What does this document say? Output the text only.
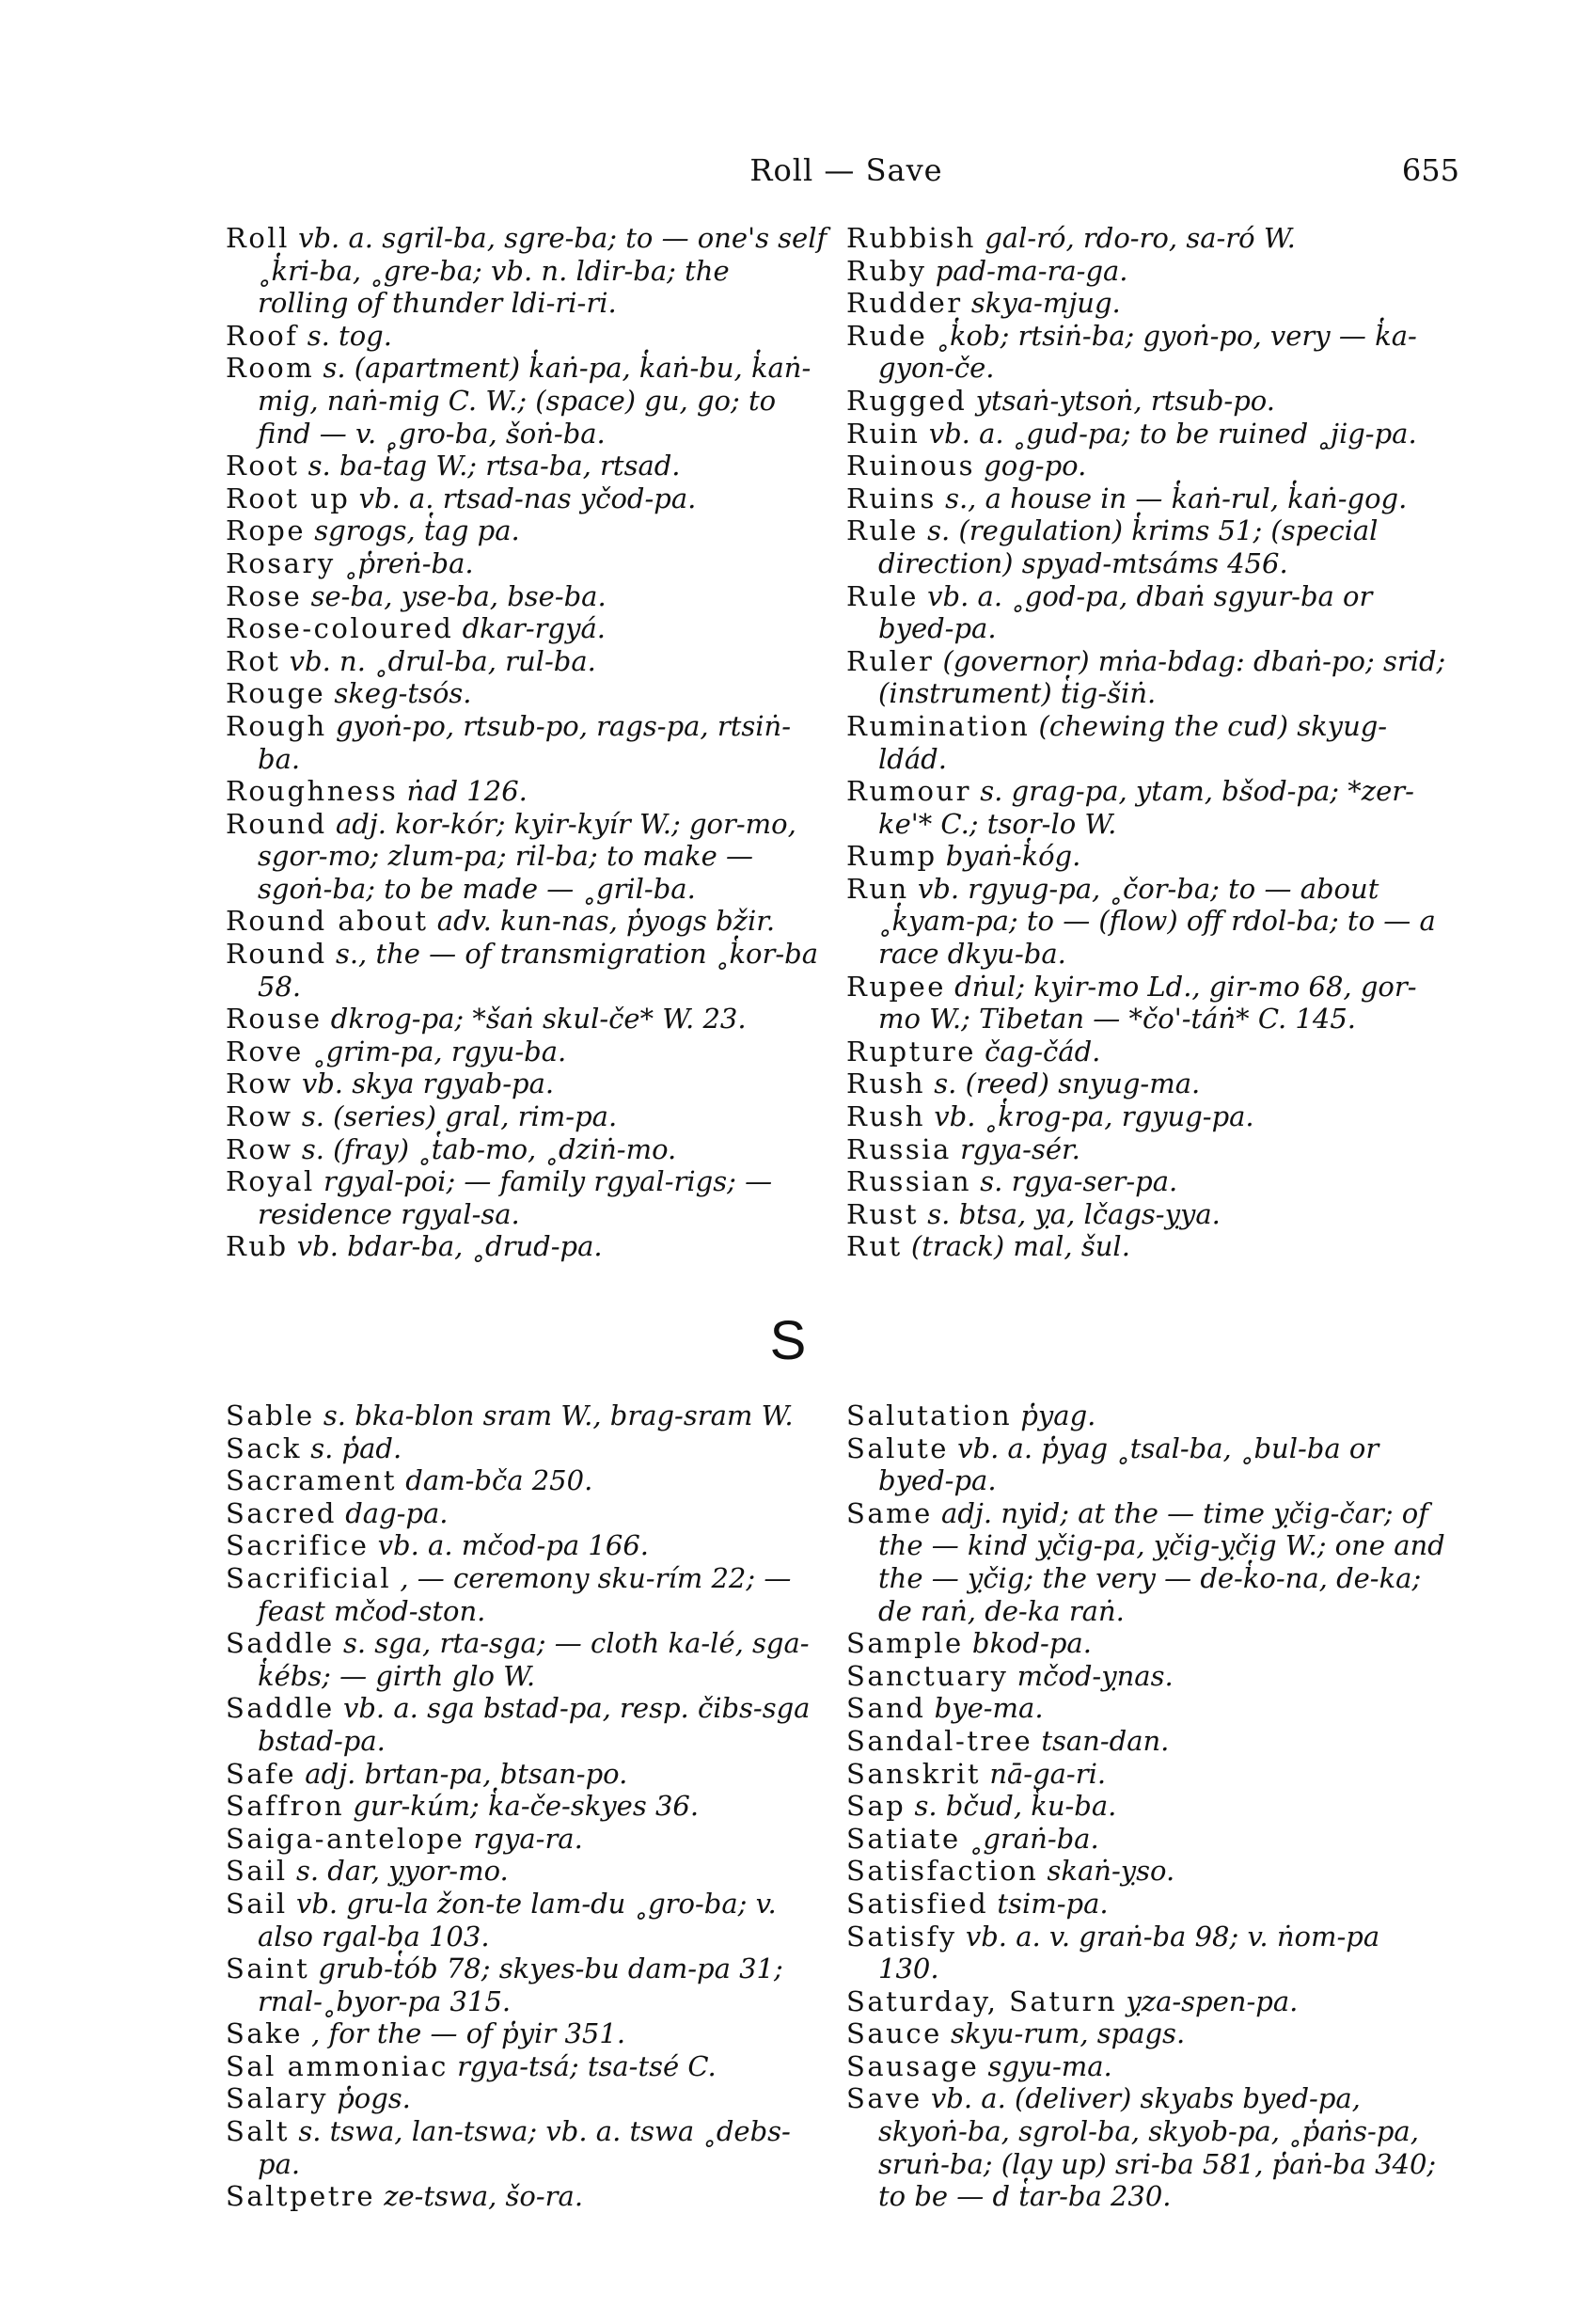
Roll — Save	655

Roll vb. a. sgril-ba, sgre-ba; to — one's self ˳k̔ri-ba, ˳gre-ba; vb. n. ldir-ba; the rolling of thunder ldi-ri-ri.

Roof s. tog.

Room s. (apartment) k̔aṅ-pa, k̔aṅ-bu, k̔aṅ-mig, naṅ-mig C. W.; (space) gu, go; to find — v. ˳gro-ba, šoṅ-ba.

Root s. ba-t̔ag W.; rtsa-ba, rtsad.

Root up vb. a. rtsad-nas yčod-pa.

Rope sgrogs, t̔ag pa.

Rosary ˳p̔reṅ-ba.

Rose se-ba, yse-ba, bse-ba.

Rose-coloured dkar-rgyá.

Rot vb. n. ˳drul-ba, rul-ba.

Rouge skeg-tsós.

Rough gyoṅ-po, rtsub-po, rags-pa, rtsiṅ-ba.

Roughness ṅad 126.

Round adj. kor-kór; kyir-kyír W.; gor-mo, sgor-mo; zlum-pa; ril-ba; to make — sgoṅ-ba; to be made — ˳gril-ba.

Round about adv. kun-nas, p̔yogs bžir.

Round s., the — of transmigration ˳k̔or-ba 58.

Rouse dkrog-pa; *šaṅ skul-če* W. 23.

Rove ˳grim-pa, rgyu-ba.

Row vb. skya rgyab-pa.

Row s. (series) gral, rim-pa.

Row s. (fray) ˳t̔ab-mo, ˳dziṅ-mo.

Royal rgyal-poi; — family rgyal-rigs; — residence rgyal-sa.

Rub vb. bdar-ba, ˳drud-pa.

Rubbish gal-ró, rdo-ro, sa-ró W.

Ruby pad-ma-ra-ga.

Rudder skya-mjug.

Rude ˳k̔ob; rtsiṅ-ba; gyoṅ-po, very — k̔a-gyon-če.

Rugged ytsaṅ-ytsoṅ, rtsub-po.

Ruin vb. a. ˳gud-pa; to be ruined ˳jig-pa.

Ruinous gog-po.

Ruins s., a house in — k̔aṅ-rul, k̔aṅ-gog.

Rule s. (regulation) k̔rims 51; (special direction) spyad-mtsáms 456.

Rule vb. a. ˳god-pa, dbaṅ sgyur-ba or byed-pa.

Ruler (governor) mṅa-bdag: dbaṅ-po; srid; (instrument) t̔ig-šiṅ.

Rumination (chewing the cud) skyug-ldád.

Rumour s. grag-pa, ytam, bšod-pa; *zer-ke'* C.; tsor-lo W.

Rump byaṅ-k̔óg.

Run vb. rgyug-pa, ˳čor-ba; to — about ˳k̔yam-pa; to — (flow) off rdol-ba; to — a race dkyu-ba.

Rupee dṅul; kyir-mo Ld., gir-mo 68, gor-mo W.; Tibetan — *čo'-táṅ* C. 145.

Rupture čag-čád.

Rush s. (reed) snyug-ma.

Rush vb. ˳k̔rog-pa, rgyug-pa.

Russia rgya-sér.

Russian s. rgya-ser-pa.

Rust s. btsa, ỵa, lčags-ỵya.

Rut (track) mal, šul.

S

Sable s. bka-blon sram W., brag-sram W.

Sack s. p̔ad.

Sacrament dam-bča 250.

Sacred dag-pa.

Sacrifice vb. a. mčod-pa 166.

Sacrificial , — ceremony sku-rím 22; — feast mčod-ston.

Saddle s. sga, rta-sga; — cloth ka-lé, sga-k̔ébs; — girth glo W.

Saddle vb. a. sga bstad-pa, resp. čibs-sga bstad-pa.

Safe adj. brtan-pa, btsan-po.

Saffron gur-kúm; k̔a-če-skyes 36.

Saiga-antelope rgya-ra.

Sail s. dar, ỵyor-mo.

Sail vb. gru-la žon-te lam-du ˳gro-ba; v. also rgal-ba 103.

Saint grub-t̔ób 78; skyes-bu dam-pa 31; rnal-˳byor-pa 315.

Sake , for the — of p̔yir 351.

Sal ammoniac rgya-tsá; tsa-tsé C.

Salary p̔ogs.

Salt s. tswa, lan-tswa; vb. a. tswa ˳debs-pa.

Saltpetre ze-tswa, šo-ra.

Salutation p̔yag.

Salute vb. a. p̔yag ˳tsal-ba, ˳bul-ba or byed-pa.

Same adj. nyid; at the — time ỵčig-čar; of the — kind ỵčig-pa, ỵčig-ỵčig W.; one and the — ỵčig; the very — de-k̔o-na, de-ka; de raṅ, de-ka raṅ.

Sample bkod-pa.

Sanctuary mčod-ỵnas.

Sand bye-ma.

Sandal-tree tsan-dan.

Sanskrit nā-ga-ri.

Sap s. bčud, k̔u-ba.

Satiate ˳graṅ-ba.

Satisfaction skaṅ-ỵso.

Satisfied tsim-pa.

Satisfy vb. a. v. graṅ-ba 98; v. ṅom-pa 130.

Saturday, Saturn ỵza-spen-pa.

Sauce skyu-rum, spags.

Sausage sgyu-ma.

Save vb. a. (deliver) skyabs byed-pa, skyoṅ-ba, sgrol-ba, skyob-pa, ˳p̔aṅs-pa, sruṅ-ba; (lay up) sri-ba 581, p̔aṅ-ba 340; to be — d t̔ar-ba 230.
